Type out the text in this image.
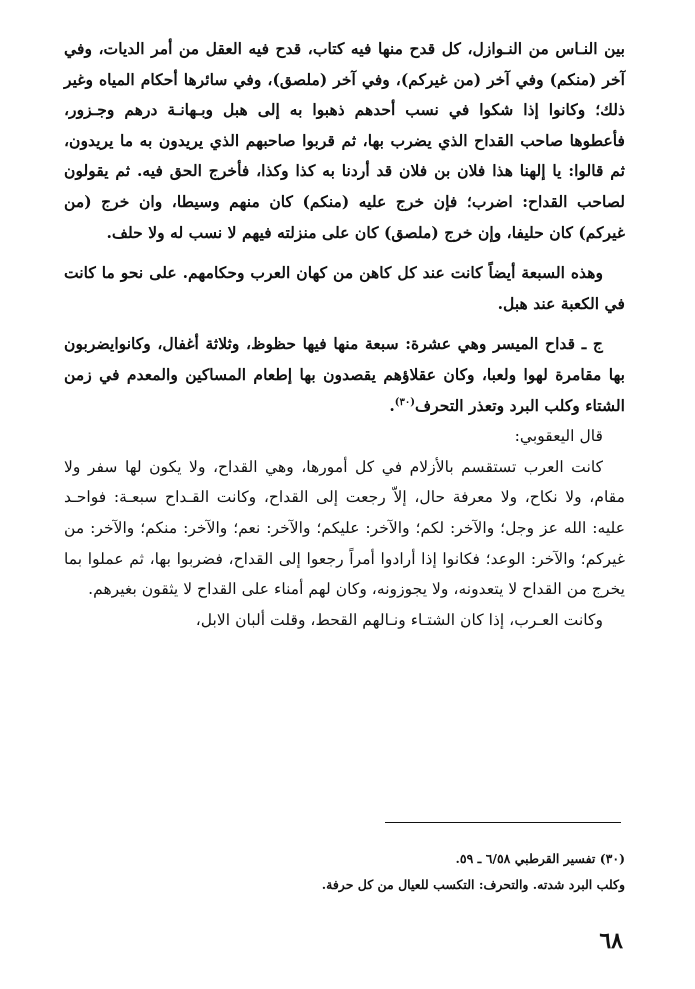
بين النـاس من النـوازل، كل قدح منها فيه كتاب، قدح فيه العقل من أمر الديات، وفي آخر (منكم) وفي آخر (من غيركم)، وفي آخر (ملصق)، وفي سائرها أحكام المياه وغير ذلك؛ وكانوا إذا شكوا في نسب أحدهم ذهبوا به إلى هبل وبـهانـة درهم وجـزور، فأعطوها صاحب القداح الذي يضرب بها، ثم قربوا صاحبهم الذي يريدون به ما يريدون، ثم قالوا: يا إلهنا هذا فلان بن فلان قد أردنا به كذا وكذا، فأخرج الحق فيه. ثم يقولون لصاحب القداح: اضرب؛ فإن خرج عليه (منكم) كان منهم وسيطا، وان خرج (من غيركم) كان حليفا، وإن خرج (ملصق) كان على منزلته فيهم لا نسب له ولا حلف.

وهذه السبعة أيضاً كانت عند كل كاهن من كهان العرب وحكامهم. على نحو ما كانت في الكعبة عند هبل.

ج ـ قداح الميسر وهي عشرة: سبعة منها فيها حظوظ، وثلاثة أغفال، وكانوايضربون بها مقامرة لهوا ولعبا، وكان عقلاؤهم يقصدون بها إطعام المساكين والمعدم في زمن الشتاء وكلب البرد وتعذر التحرف$^{(٣٠)}$.

قال اليعقوبي:

كانت العرب تستقسم بالأزلام في كل أمورها، وهي القداح، ولا يكون لها سفر ولا مقام، ولا نكاح، ولا معرفة حال، إلاّ رجعت إلى القداح، وكانت القـداح سبعـة: فواحـد عليه: الله عز وجل؛ والآخر: لكم؛ والآخر: عليكم؛ والآخر: نعم؛ والآخر: منكم؛ والآخر: من غيركم؛ والآخر: الوعد؛ فكانوا إذا أرادوا أمراً رجعوا إلى القداح، فضربوا بها، ثم عملوا بما يخرج من القداح لا يتعدونه، ولا يجوزونه، وكان لهم أمناء على القداح لا يثقون بغيرهم.

وكانت العـرب، إذا كان الشتـاء ونـالهم القحط، وقلت ألبان الابل،

(٣٠) تفسير القرطبي ٦/٥٨ ـ ٥٩.

وكلب البرد شدته. والتحرف: التكسب للعيال من كل حرفة.

٦٨
